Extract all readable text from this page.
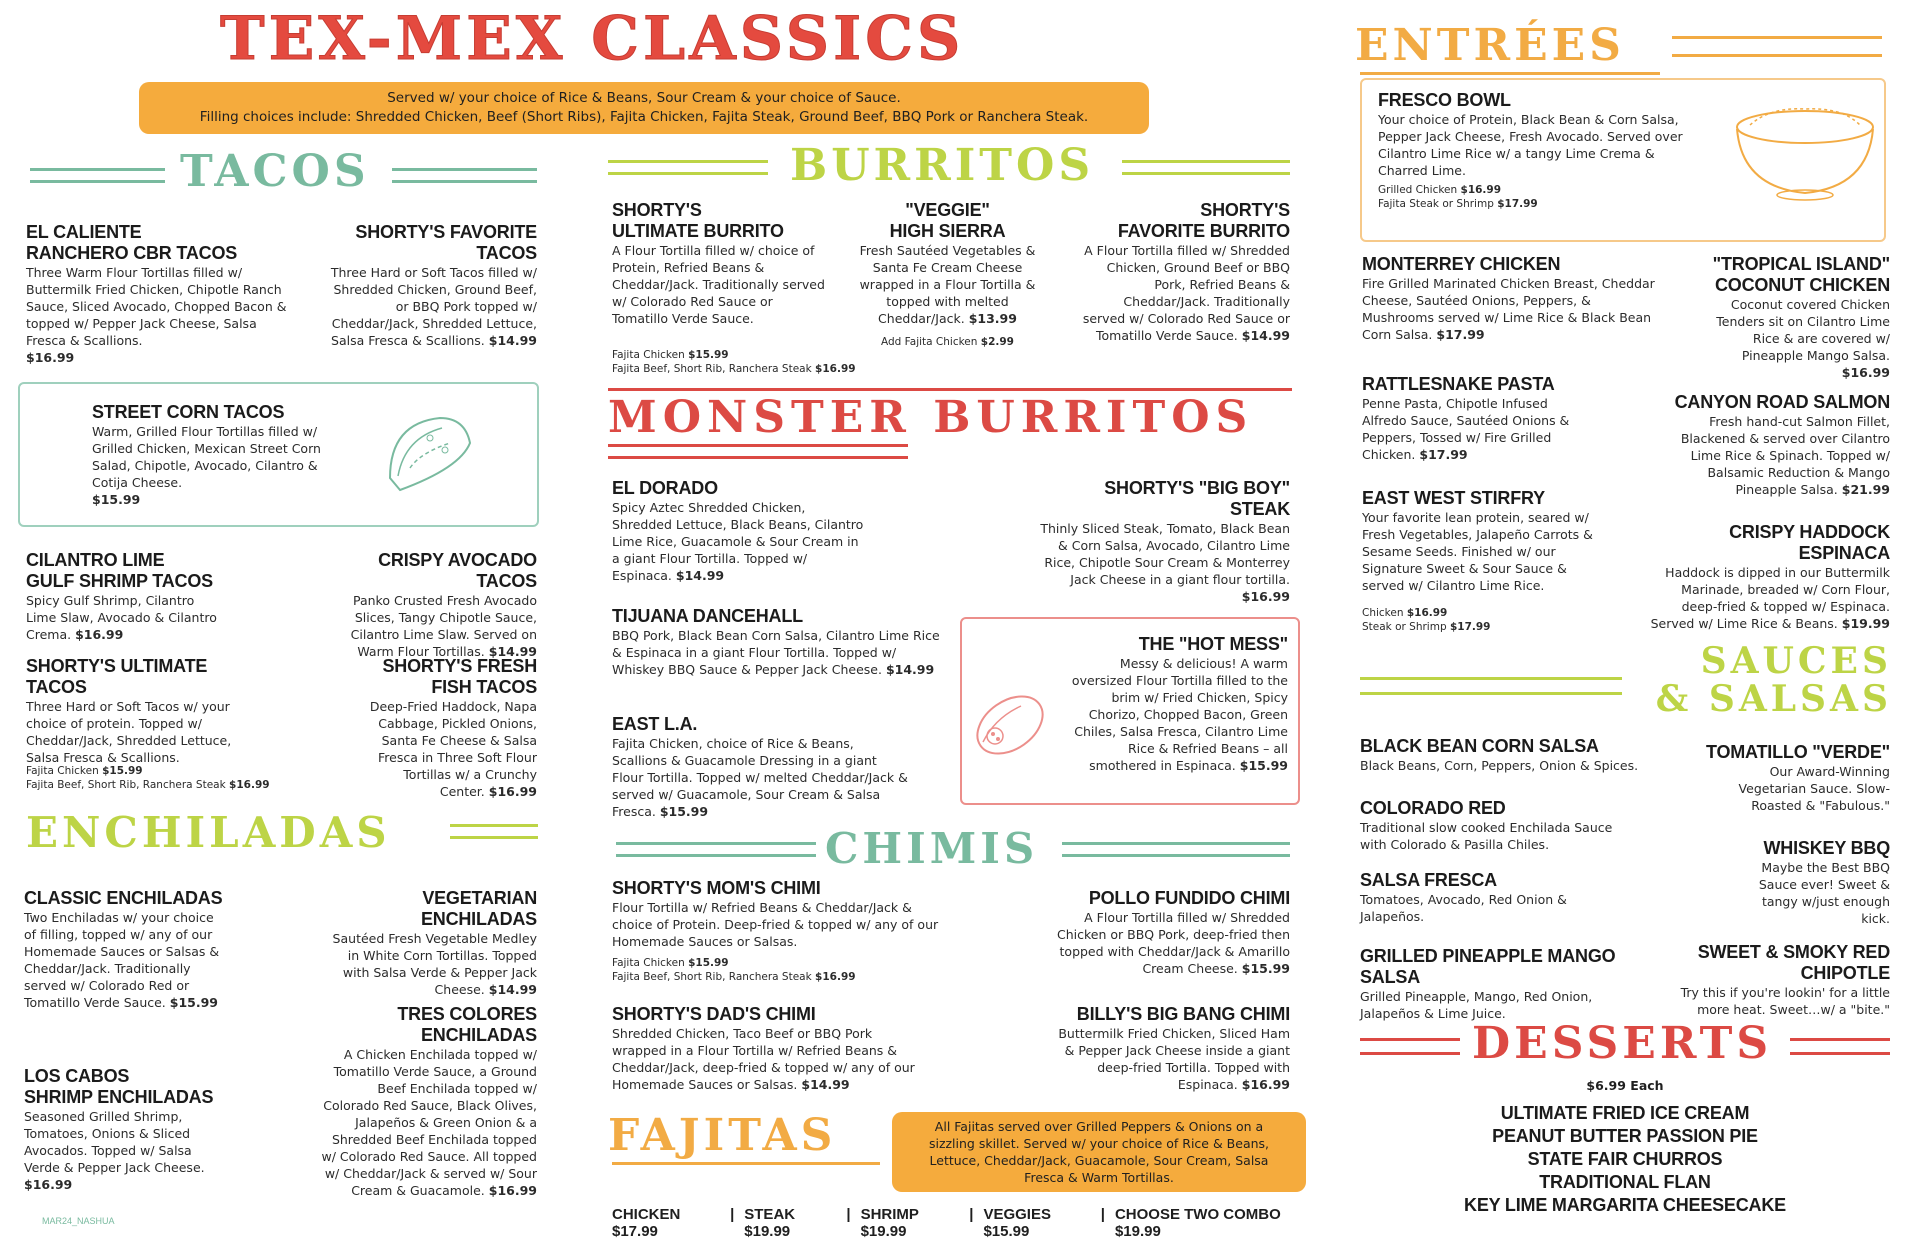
TEX-MEX CLASSICS
Served w/ your choice of Rice & Beans, Sour Cream & your choice of Sauce.
Filling choices include: Shredded Chicken, Beef (Short Ribs), Fajita Chicken, Fajita Steak, Ground Beef, BBQ Pork or Ranchera Steak.
TACOS
EL CALIENTE
RANCHERO CBR TACOS
Three Warm Flour Tortillas filled w/ Buttermilk Fried Chicken, Chipotle Ranch Sauce, Sliced Avocado, Chopped Bacon & topped w/ Pepper Jack Cheese, Salsa Fresca & Scallions.
$16.99
SHORTY'S FAVORITE TACOS
Three Hard or Soft Tacos filled w/ Shredded Chicken, Ground Beef, or BBQ Pork topped w/ Cheddar/Jack, Shredded Lettuce, Salsa Fresca & Scallions. $14.99
STREET CORN TACOS
Warm, Grilled Flour Tortillas filled w/ Grilled Chicken, Mexican Street Corn Salad, Chipotle, Avocado, Cilantro & Cotija Cheese.
$15.99
CILANTRO LIME
GULF SHRIMP TACOS
Spicy Gulf Shrimp, Cilantro Lime Slaw, Avocado & Cilantro Crema. $16.99
CRISPY AVOCADO TACOS
Panko Crusted Fresh Avocado Slices, Tangy Chipotle Sauce, Cilantro Lime Slaw. Served on Warm Flour Tortillas. $14.99
SHORTY'S ULTIMATE TACOS
Three Hard or Soft Tacos w/ your choice of protein. Topped w/ Cheddar/Jack, Shredded Lettuce, Salsa Fresca & Scallions.
SHORTY'S FRESH
FISH TACOS
Deep-Fried Haddock, Napa Cabbage, Pickled Onions, Santa Fe Cheese & Salsa Fresca in Three Soft Flour Tortillas w/ a Crunchy Center. $16.99
Fajita Chicken $15.99
Fajita Beef, Short Rib, Ranchera Steak $16.99
ENCHILADAS
CLASSIC ENCHILADAS
Two Enchiladas w/ your choice of filling, topped w/ any of our Homemade Sauces or Salsas & Cheddar/Jack. Traditionally served w/ Colorado Red or Tomatillo Verde Sauce. $15.99
VEGETARIAN ENCHILADAS
Sautéed Fresh Vegetable Medley in White Corn Tortillas. Topped with Salsa Verde & Pepper Jack Cheese. $14.99
TRES COLORES ENCHILADAS
A Chicken Enchilada topped w/ Tomatillo Verde Sauce, a Ground Beef Enchilada topped w/ Colorado Red Sauce, Black Olives, Jalapeños & Green Onion & a Shredded Beef Enchilada topped w/ Colorado Red Sauce. All topped w/ Cheddar/Jack & served w/ Sour Cream & Guacamole. $16.99
LOS CABOS
SHRIMP ENCHILADAS
Seasoned Grilled Shrimp, Tomatoes, Onions & Sliced Avocados. Topped w/ Salsa Verde & Pepper Jack Cheese. $16.99
MAR24_NASHUA
BURRITOS
SHORTY'S
ULTIMATE BURRITO
A Flour Tortilla filled w/ choice of Protein, Refried Beans & Cheddar/Jack. Traditionally served w/ Colorado Red Sauce or Tomatillo Verde Sauce.
"VEGGIE"
HIGH SIERRA
Fresh Sautéed Vegetables & Santa Fe Cream Cheese wrapped in a Flour Tortilla & topped with melted Cheddar/Jack. $13.99
Add Fajita Chicken $2.99
SHORTY'S
FAVORITE BURRITO
A Flour Tortilla filled w/ Shredded Chicken, Ground Beef or BBQ Pork, Refried Beans & Cheddar/Jack. Traditionally served w/ Colorado Red Sauce or Tomatillo Verde Sauce. $14.99
Fajita Chicken $15.99
Fajita Beef, Short Rib, Ranchera Steak $16.99
MONSTER BURRITOS
EL DORADO
Spicy Aztec Shredded Chicken, Shredded Lettuce, Black Beans, Cilantro Lime Rice, Guacamole & Sour Cream in a giant Flour Tortilla. Topped w/ Espinaca. $14.99
SHORTY'S "BIG BOY" STEAK
Thinly Sliced Steak, Tomato, Black Bean & Corn Salsa, Avocado, Cilantro Lime Rice, Chipotle Sour Cream & Monterrey Jack Cheese in a giant flour tortilla. $16.99
TIJUANA DANCEHALL
BBQ Pork, Black Bean Corn Salsa, Cilantro Lime Rice & Espinaca in a giant Flour Tortilla. Topped w/ Whiskey BBQ Sauce & Pepper Jack Cheese. $14.99
EAST L.A.
Fajita Chicken, choice of Rice & Beans, Scallions & Guacamole Dressing in a giant Flour Tortilla. Topped w/ melted Cheddar/Jack & served w/ Guacamole, Sour Cream & Salsa Fresca. $15.99
THE "HOT MESS"
Messy & delicious! A warm oversized Flour Tortilla filled to the brim w/ Fried Chicken, Spicy Chorizo, Chopped Bacon, Green Chiles, Salsa Fresca, Cilantro Lime Rice & Refried Beans – all smothered in Espinaca. $15.99
CHIMIS
SHORTY'S MOM'S CHIMI
Flour Tortilla w/ Refried Beans & Cheddar/Jack & choice of Protein. Deep-fried & topped w/ any of our Homemade Sauces or Salsas.
Fajita Chicken $15.99
Fajita Beef, Short Rib, Ranchera Steak $16.99
POLLO FUNDIDO CHIMI
A Flour Tortilla filled w/ Shredded Chicken or BBQ Pork, deep-fried then topped with Cheddar/Jack & Amarillo Cream Cheese. $15.99
SHORTY'S DAD'S CHIMI
Shredded Chicken, Taco Beef or BBQ Pork wrapped in a Flour Tortilla w/ Refried Beans & Cheddar/Jack, deep-fried & topped w/ any of our Homemade Sauces or Salsas. $14.99
BILLY'S BIG BANG CHIMI
Buttermilk Fried Chicken, Sliced Ham & Pepper Jack Cheese inside a giant deep-fried Tortilla. Topped with Espinaca. $16.99
FAJITAS	All Fajitas served over Grilled Peppers & Onions on a sizzling skillet. Served w/ your choice of Rice & Beans, Lettuce, Cheddar/Jack, Guacamole, Sour Cream, Salsa Fresca & Warm Tortillas.
CHICKEN $17.99
| STEAK $19.99
| SHRIMP $19.99
| VEGGIES $15.99
| CHOOSE TWO COMBO $19.99
ENTRÉES
FRESCO BOWL
Your choice of Protein, Black Bean & Corn Salsa, Pepper Jack Cheese, Fresh Avocado. Served over Cilantro Lime Rice w/ a tangy Lime Crema & Charred Lime.
Grilled Chicken $16.99
Fajita Steak or Shrimp $17.99
MONTERREY CHICKEN
Fire Grilled Marinated Chicken Breast, Cheddar Cheese, Sautéed Onions, Peppers, & Mushrooms served w/ Lime Rice & Black Bean Corn Salsa. $17.99
"TROPICAL ISLAND"
COCONUT CHICKEN
Coconut covered Chicken Tenders sit on Cilantro Lime Rice & are covered w/ Pineapple Mango Salsa. $16.99
RATTLESNAKE PASTA
Penne Pasta, Chipotle Infused Alfredo Sauce, Sautéed Onions & Peppers, Tossed w/ Fire Grilled Chicken. $17.99
CANYON ROAD SALMON
Fresh hand-cut Salmon Fillet, Blackened & served over Cilantro Lime Rice & Spinach. Topped w/ Balsamic Reduction & Mango Pineapple Salsa. $21.99
EAST WEST STIRFRY
Your favorite lean protein, seared w/ Fresh Vegetables, Jalapeño Carrots & Sesame Seeds. Finished w/ our Signature Sweet & Sour Sauce & served w/ Cilantro Lime Rice.
Chicken $16.99
Steak or Shrimp $17.99
CRISPY HADDOCK ESPINACA
Haddock is dipped in our Buttermilk Marinade, breaded w/ Corn Flour, deep-fried & topped w/ Espinaca. Served w/ Lime Rice & Beans. $19.99
SAUCES
& SALSAS
BLACK BEAN CORN SALSA
Black Beans, Corn, Peppers, Onion & Spices.
TOMATILLO "VERDE"
Our Award-Winning Vegetarian Sauce. Slow-Roasted & "Fabulous."
COLORADO RED
Traditional slow cooked Enchilada Sauce with Colorado & Pasilla Chiles.	WHISKEY BBQ
Maybe the Best BBQ Sauce ever! Sweet & tangy w/just enough kick.
SALSA FRESCA
Tomatoes, Avocado, Red Onion & Jalapeños.
GRILLED PINEAPPLE MANGO SALSA
Grilled Pineapple, Mango, Red Onion, Jalapeños & Lime Juice.
SWEET & SMOKY RED CHIPOTLE
Try this if you're lookin' for a little more heat. Sweet…w/ a "bite."
DESSERTS
$6.99 Each
ULTIMATE FRIED ICE CREAM
PEANUT BUTTER PASSION PIE
STATE FAIR CHURROS
TRADITIONAL FLAN
KEY LIME MARGARITA CHEESECAKE
